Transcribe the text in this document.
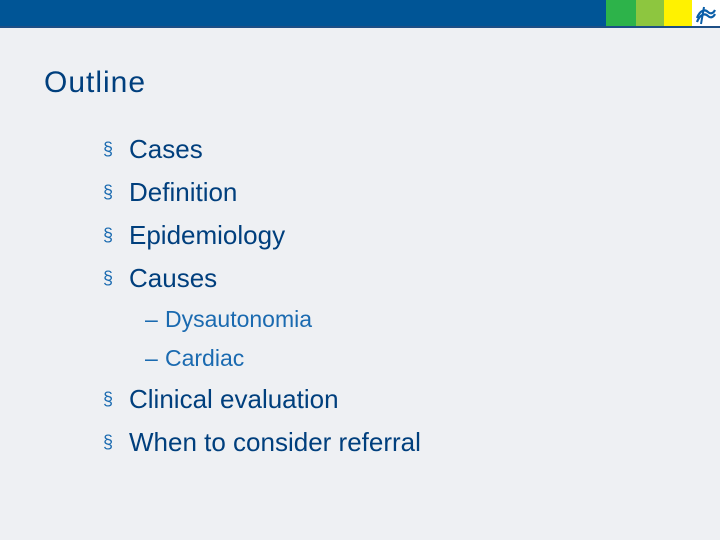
Outline
§ Cases
§ Definition
§ Epidemiology
§ Causes
– Dysautonomia
– Cardiac
§ Clinical evaluation
§ When to consider referral
